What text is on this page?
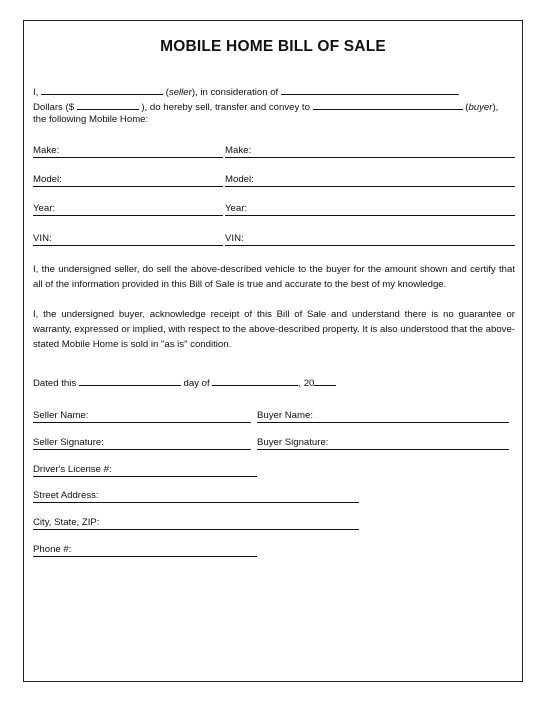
MOBILE HOME BILL OF SALE
I,	(seller), in consideration of
Dollars ($	), do hereby sell, transfer and convey to	(buyer),
the following Mobile Home:
Make:	Make:
Model:	Model:
Year:	Year:
VIN:	VIN:
I, the undersigned seller, do sell the above-described vehicle to the buyer for the amount shown and certify that all of the information provided in this Bill of Sale is true and accurate to the best of my knowledge.
I, the undersigned buyer, acknowledge receipt of this Bill of Sale and understand there is no guarantee or warranty, expressed or implied, with respect to the above-described property. It is also understood that the above-stated Mobile Home is sold in "as is" condition.
Dated this	day of	, 20
Seller Name:	Buyer Name:
Seller Signature:	Buyer Signature:
Driver's License #:
Street Address:
City, State, ZIP:
Phone #:
